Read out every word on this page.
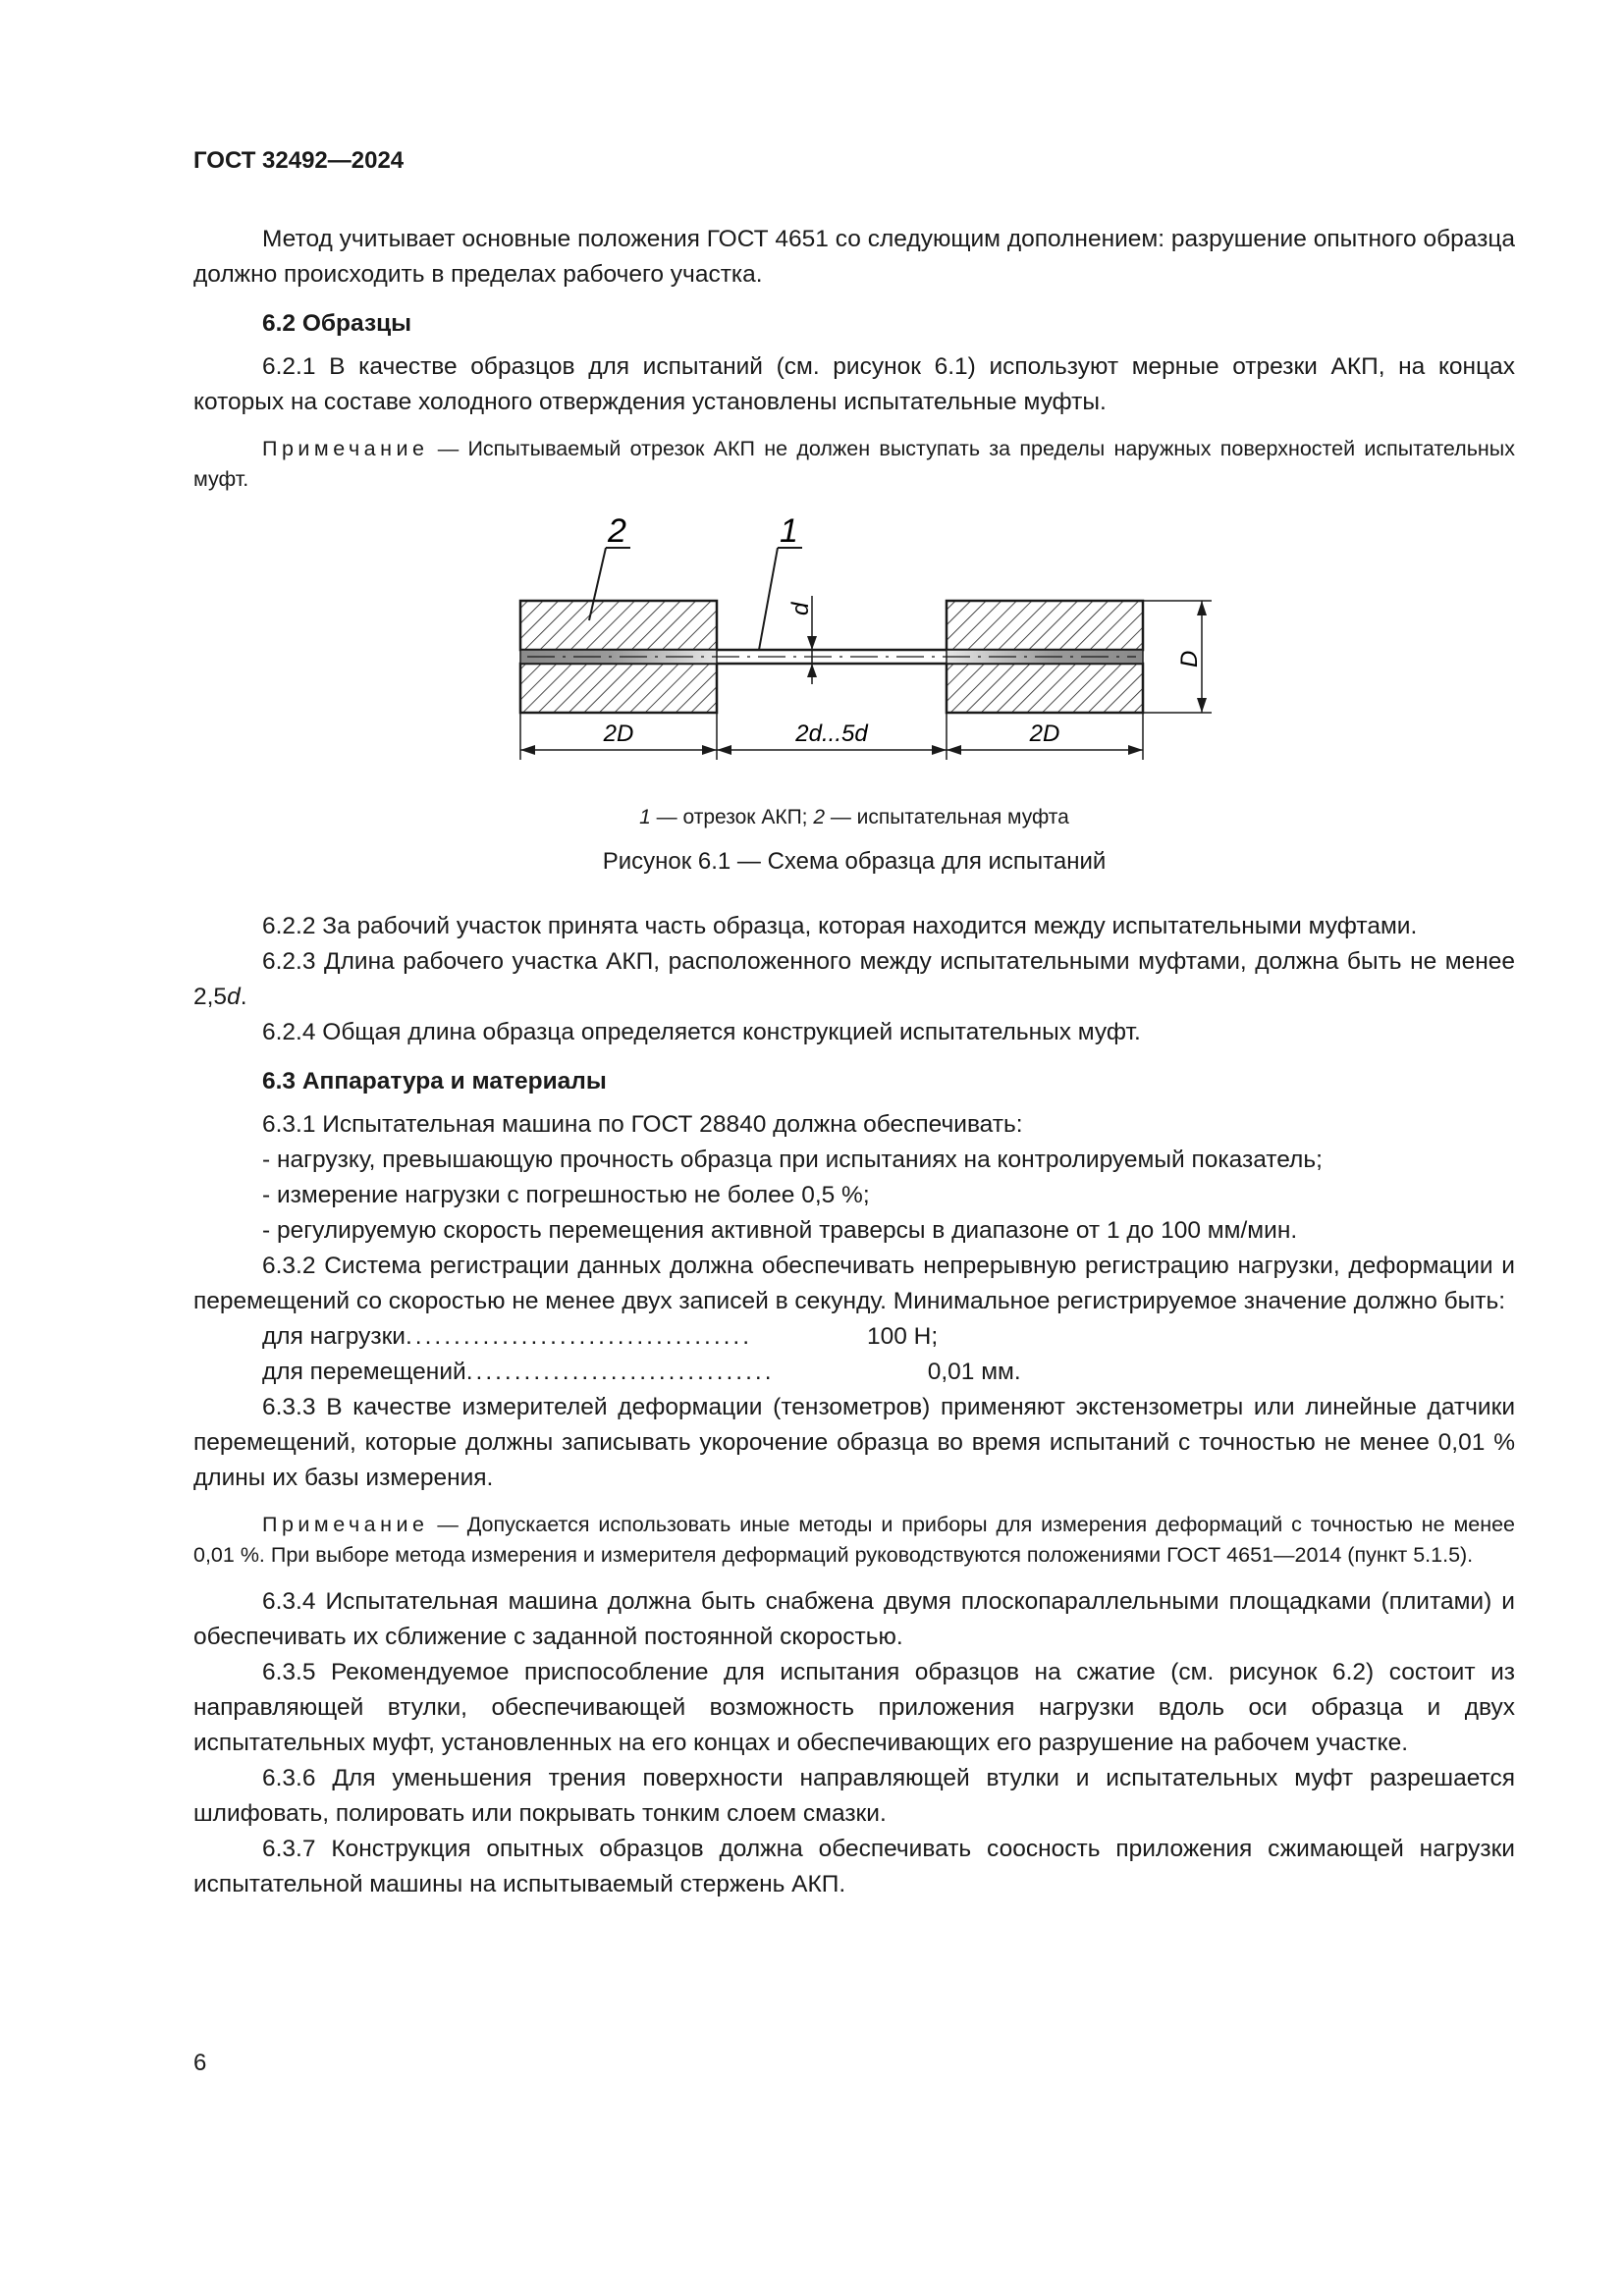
ГОСТ 32492—2024

Метод учитывает основные положения ГОСТ 4651 со следующим дополнением: разрушение опытного образца должно происходить в пределах рабочего участка.

6.2 Образцы

6.2.1 В качестве образцов для испытаний (см. рисунок 6.1) используют мерные отрезки АКП, на концах которых на составе холодного отверждения установлены испытательные муфты.

Примечание — Испытываемый отрезок АКП не должен выступать за пределы наружных поверхностей испытательных муфт.

1
2
d
D
2D	2d...5d	2D
1 — отрезок АКП; 2 — испытательная муфта
Рисунок 6.1 — Схема образца для испытаний

6.2.2 За рабочий участок принята часть образца, которая находится между испытательными муфтами.

6.2.3 Длина рабочего участка АКП, расположенного между испытательными муфтами, должна быть не менее 2,5d.

6.2.4 Общая длина образца определяется конструкцией испытательных муфт.

6.3 Аппаратура и материалы

6.3.1 Испытательная машина по ГОСТ 28840 должна обеспечивать:

- нагрузку, превышающую прочность образца при испытаниях на контролируемый показатель;

- измерение нагрузки с погрешностью не более 0,5 %;

- регулируемую скорость перемещения активной траверсы в диапазоне от 1 до 100 мм/мин.

6.3.2 Система регистрации данных должна обеспечивать непрерывную регистрацию нагрузки, деформации и перемещений со скоростью не менее двух записей в секунду. Минимальное регистрируемое значение должно быть:

для нагрузки ....................................	100 Н;
для перемещений ................................	0,01 мм.

6.3.3 В качестве измерителей деформации (тензометров) применяют экстензометры или линейные датчики перемещений, которые должны записывать укорочение образца во время испытаний с точностью не менее 0,01 % длины их базы измерения.

Примечание — Допускается использовать иные методы и приборы для измерения деформаций с точностью не менее 0,01 %. При выборе метода измерения и измерителя деформаций руководствуются положениями ГОСТ 4651—2014 (пункт 5.1.5).

6.3.4 Испытательная машина должна быть снабжена двумя плоскопараллельными площадками (плитами) и обеспечивать их сближение с заданной постоянной скоростью.

6.3.5 Рекомендуемое приспособление для испытания образцов на сжатие (см. рисунок 6.2) состоит из направляющей втулки, обеспечивающей возможность приложения нагрузки вдоль оси образца и двух испытательных муфт, установленных на его концах и обеспечивающих его разрушение на рабочем участке.

6.3.6 Для уменьшения трения поверхности направляющей втулки и испытательных муфт разрешается шлифовать, полировать или покрывать тонким слоем смазки.

6.3.7 Конструкция опытных образцов должна обеспечивать соосность приложения сжимающей нагрузки испытательной машины на испытываемый стержень АКП.

6
